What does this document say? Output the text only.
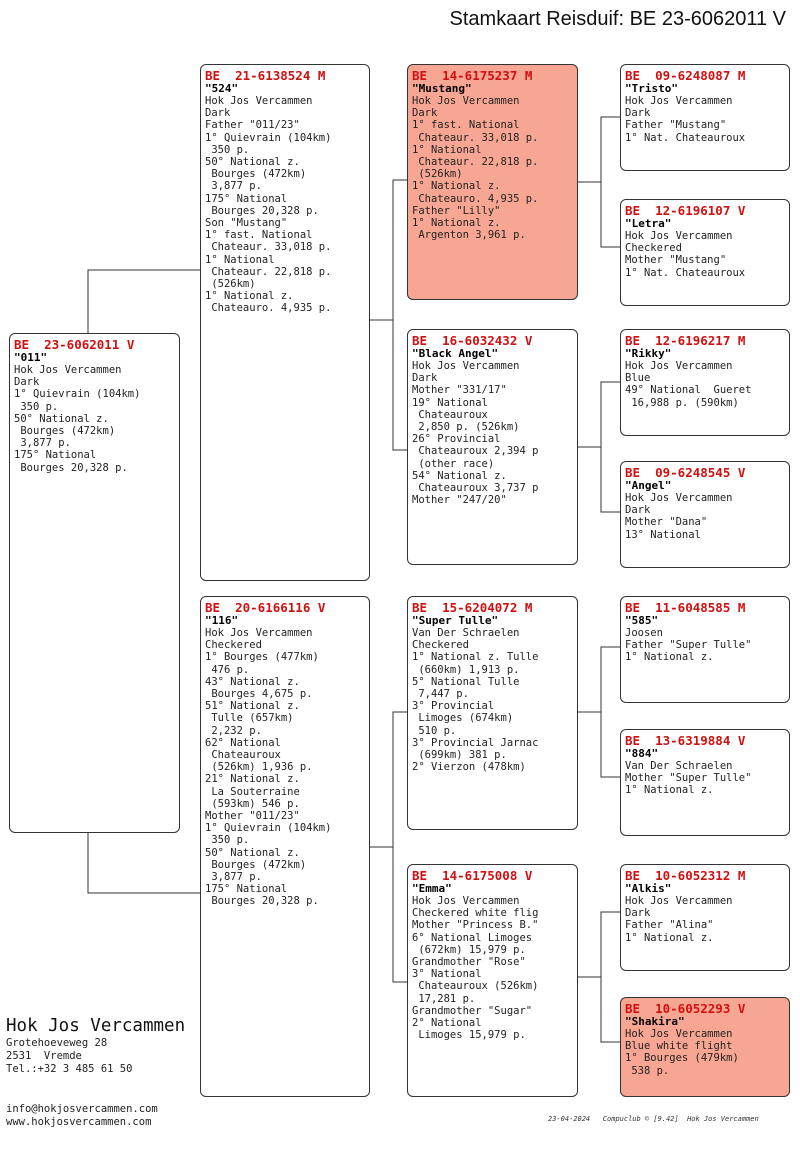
Stamkaart Reisduif: BE 23-6062011 V
BE  23-6062011 V
"011"
Hok Jos Vercammen
Dark
1° Quievrain (104km)
350 p.
50° National z.
Bourges (472km)
3,877 p.
175° National
Bourges 20,328 p.
BE  21-6138524 M
"524"
Hok Jos Vercammen
Dark
Father "011/23"
1° Quievrain (104km)
350 p.
50° National z.
Bourges (472km)
3,877 p.
175° National
Bourges 20,328 p.
Son "Mustang"
1° fast. National
Chateaur. 33,018 p.
1° National
Chateaur. 22,818 p.
(526km)
1° National z.
Chateauro. 4,935 p.
BE  20-6166116 V
"116"
Hok Jos Vercammen
Checkered
1° Bourges (477km)
476 p.
43° National z.
Bourges 4,675 p.
51° National z.
Tulle (657km)
2,232 p.
62° National
Chateauroux
(526km) 1,936 p.
21° National z.
La Souterraine
(593km) 546 p.
Mother "011/23"
1° Quievrain (104km)
350 p.
50° National z.
Bourges (472km)
3,877 p.
175° National
Bourges 20,328 p.
BE  14-6175237 M
"Mustang"
Hok Jos Vercammen
Dark
1° fast. National
Chateaur. 33,018 p.
1° National
Chateaur. 22,818 p.
(526km)
1° National z.
Chateauro. 4,935 p.
Father "Lilly"
1° National z.
Argenton 3,961 p.
BE  16-6032432 V
"Black Angel"
Hok Jos Vercammen
Dark
Mother "331/17"
19° National
Chateauroux
2,850 p. (526km)
26° Provincial
Chateauroux 2,394 p
(other race)
54° National z.
Chateauroux 3,737 p
Mother "247/20"
BE  15-6204072 M
"Super Tulle"
Van Der Schraelen
Checkered
1° National z. Tulle
(660km) 1,913 p.
5° National Tulle
7,447 p.
3° Provincial
Limoges (674km)
510 p.
3° Provincial Jarnac
(699km) 381 p.
2° Vierzon (478km)
BE  14-6175008 V
"Emma"
Hok Jos Vercammen
Checkered white flig
Mother "Princess B."
6° National Limoges
(672km) 15,979 p.
Grandmother "Rose"
3° National
Chateauroux (526km)
17,281 p.
Grandmother "Sugar"
2° National
Limoges 15,979 p.
BE  09-6248087 M
"Tristo"
Hok Jos Vercammen
Dark
Father "Mustang"
1° Nat. Chateauroux
BE  12-6196107 V
"Letra"
Hok Jos Vercammen
Checkered
Mother "Mustang"
1° Nat. Chateauroux
BE  12-6196217 M
"Rikky"
Hok Jos Vercammen
Blue
49° National  Gueret
16,988 p. (590km)
BE  09-6248545 V
"Angel"
Hok Jos Vercammen
Dark
Mother "Dana"
13° National
BE  11-6048585 M
"585"
Joosen
Father "Super Tulle"
1° National z.
BE  13-6319884 V
"884"
Van Der Schraelen
Mother "Super Tulle"
1° National z.
BE  10-6052312 M
"Alkis"
Hok Jos Vercammen
Dark
Father "Alina"
1° National z.
BE  10-6052293 V
"Shakira"
Hok Jos Vercammen
Blue white flight
1° Bourges (479km)
538 p.
Hok Jos Vercammen
Grotehoeveweg 28
2531  Vremde
Tel.:+32 3 485 61 50
info@hokjosvercammen.com
www.hokjosvercammen.com	23-04-2024   Compuclub © [9.42]  Hok Jos Vercammen
